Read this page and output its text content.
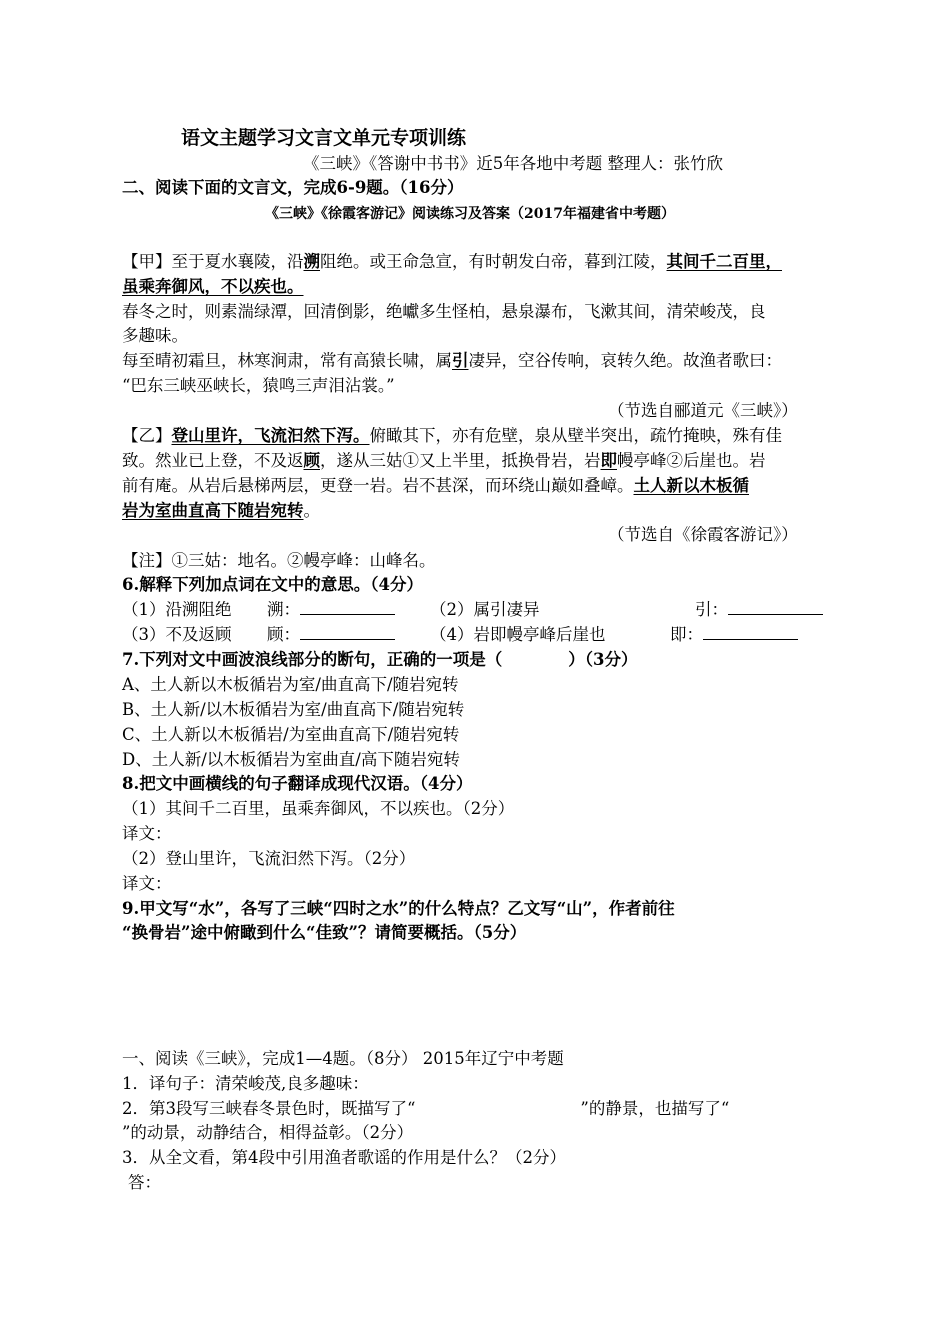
语文主题学习文言文单元专项训练
《三峡》《答谢中书书》近5年各地中考题 整理人：张竹欣
二、阅读下面的文言文，完成6-9题。（16分）
《三峡》《徐霞客游记》阅读练习及答案（2017年福建省中考题）
【甲】至于夏水襄陵，沿溯阻绝。或王命急宣，有时朝发白帝，暮到江陵，其间千二百里，
虽乘奔御风，不以疾也。
春冬之时，则素湍绿潭，回清倒影，绝巘多生怪柏，悬泉瀑布，飞漱其间，清荣峻茂，良
多趣味。
每至晴初霜旦，林寒涧肃，常有高猿长啸，属引凄异，空谷传响，哀转久绝。故渔者歌曰：
“巴东三峡巫峡长，猿鸣三声泪沾裳。”
（节选自郦道元《三峡》）
【乙】登山里许，飞流汩然下泻。俯瞰其下，亦有危壁，泉从壁半突出，疏竹掩映，殊有佳
致。然业已上登，不及返顾，遂从三姑①又上半里，抵换骨岩，岩即幔亭峰②后崖也。岩
前有庵。从岩后悬梯两层，更登一岩。岩不甚深，而环绕山巅如叠嶂。土人新以木板循
岩为室曲直高下随岩宛转。
（节选自《徐霞客游记》）
【注】①三姑：地名。②幔亭峰：山峰名。
6.解释下列加点词在文中的意思。（4分）
（1）沿溯阻绝 溯：	（2）属引凄异	引：
（3）不及返顾 顾：	（4）岩即幔亭峰后崖也	即：
7.下列对文中画波浪线部分的断句，正确的一项是（　　　　）（3分）
A、土人新以木板循岩为室/曲直高下/随岩宛转
B、土人新/以木板循岩为室/曲直高下/随岩宛转
C、土人新以木板循岩/为室曲直高下/随岩宛转
D、土人新/以木板循岩为室曲直/高下随岩宛转
8.把文中画横线的句子翻译成现代汉语。（4分）
（1）其间千二百里，虽乘奔御风，不以疾也。（2分）
译文：
（2）登山里许，飞流汩然下泻。（2分）
译文：
9.甲文写“水”，各写了三峡“四时之水”的什么特点？乙文写“山”，作者前往
“换骨岩”途中俯瞰到什么“佳致”？请简要概括。（5分）
一、阅读《三峡》，完成1—4题。（8分） 2015年辽宁中考题
1．译句子：清荣峻茂,良多趣味：
2．第3段写三峡春冬景色时，既描写了“　　　　　　　　　　”的静景，也描写了“
”的动景，动静结合，相得益彰。（2分）
3．从全文看，第4段中引用渔者歌谣的作用是什么？（2分）
答：
